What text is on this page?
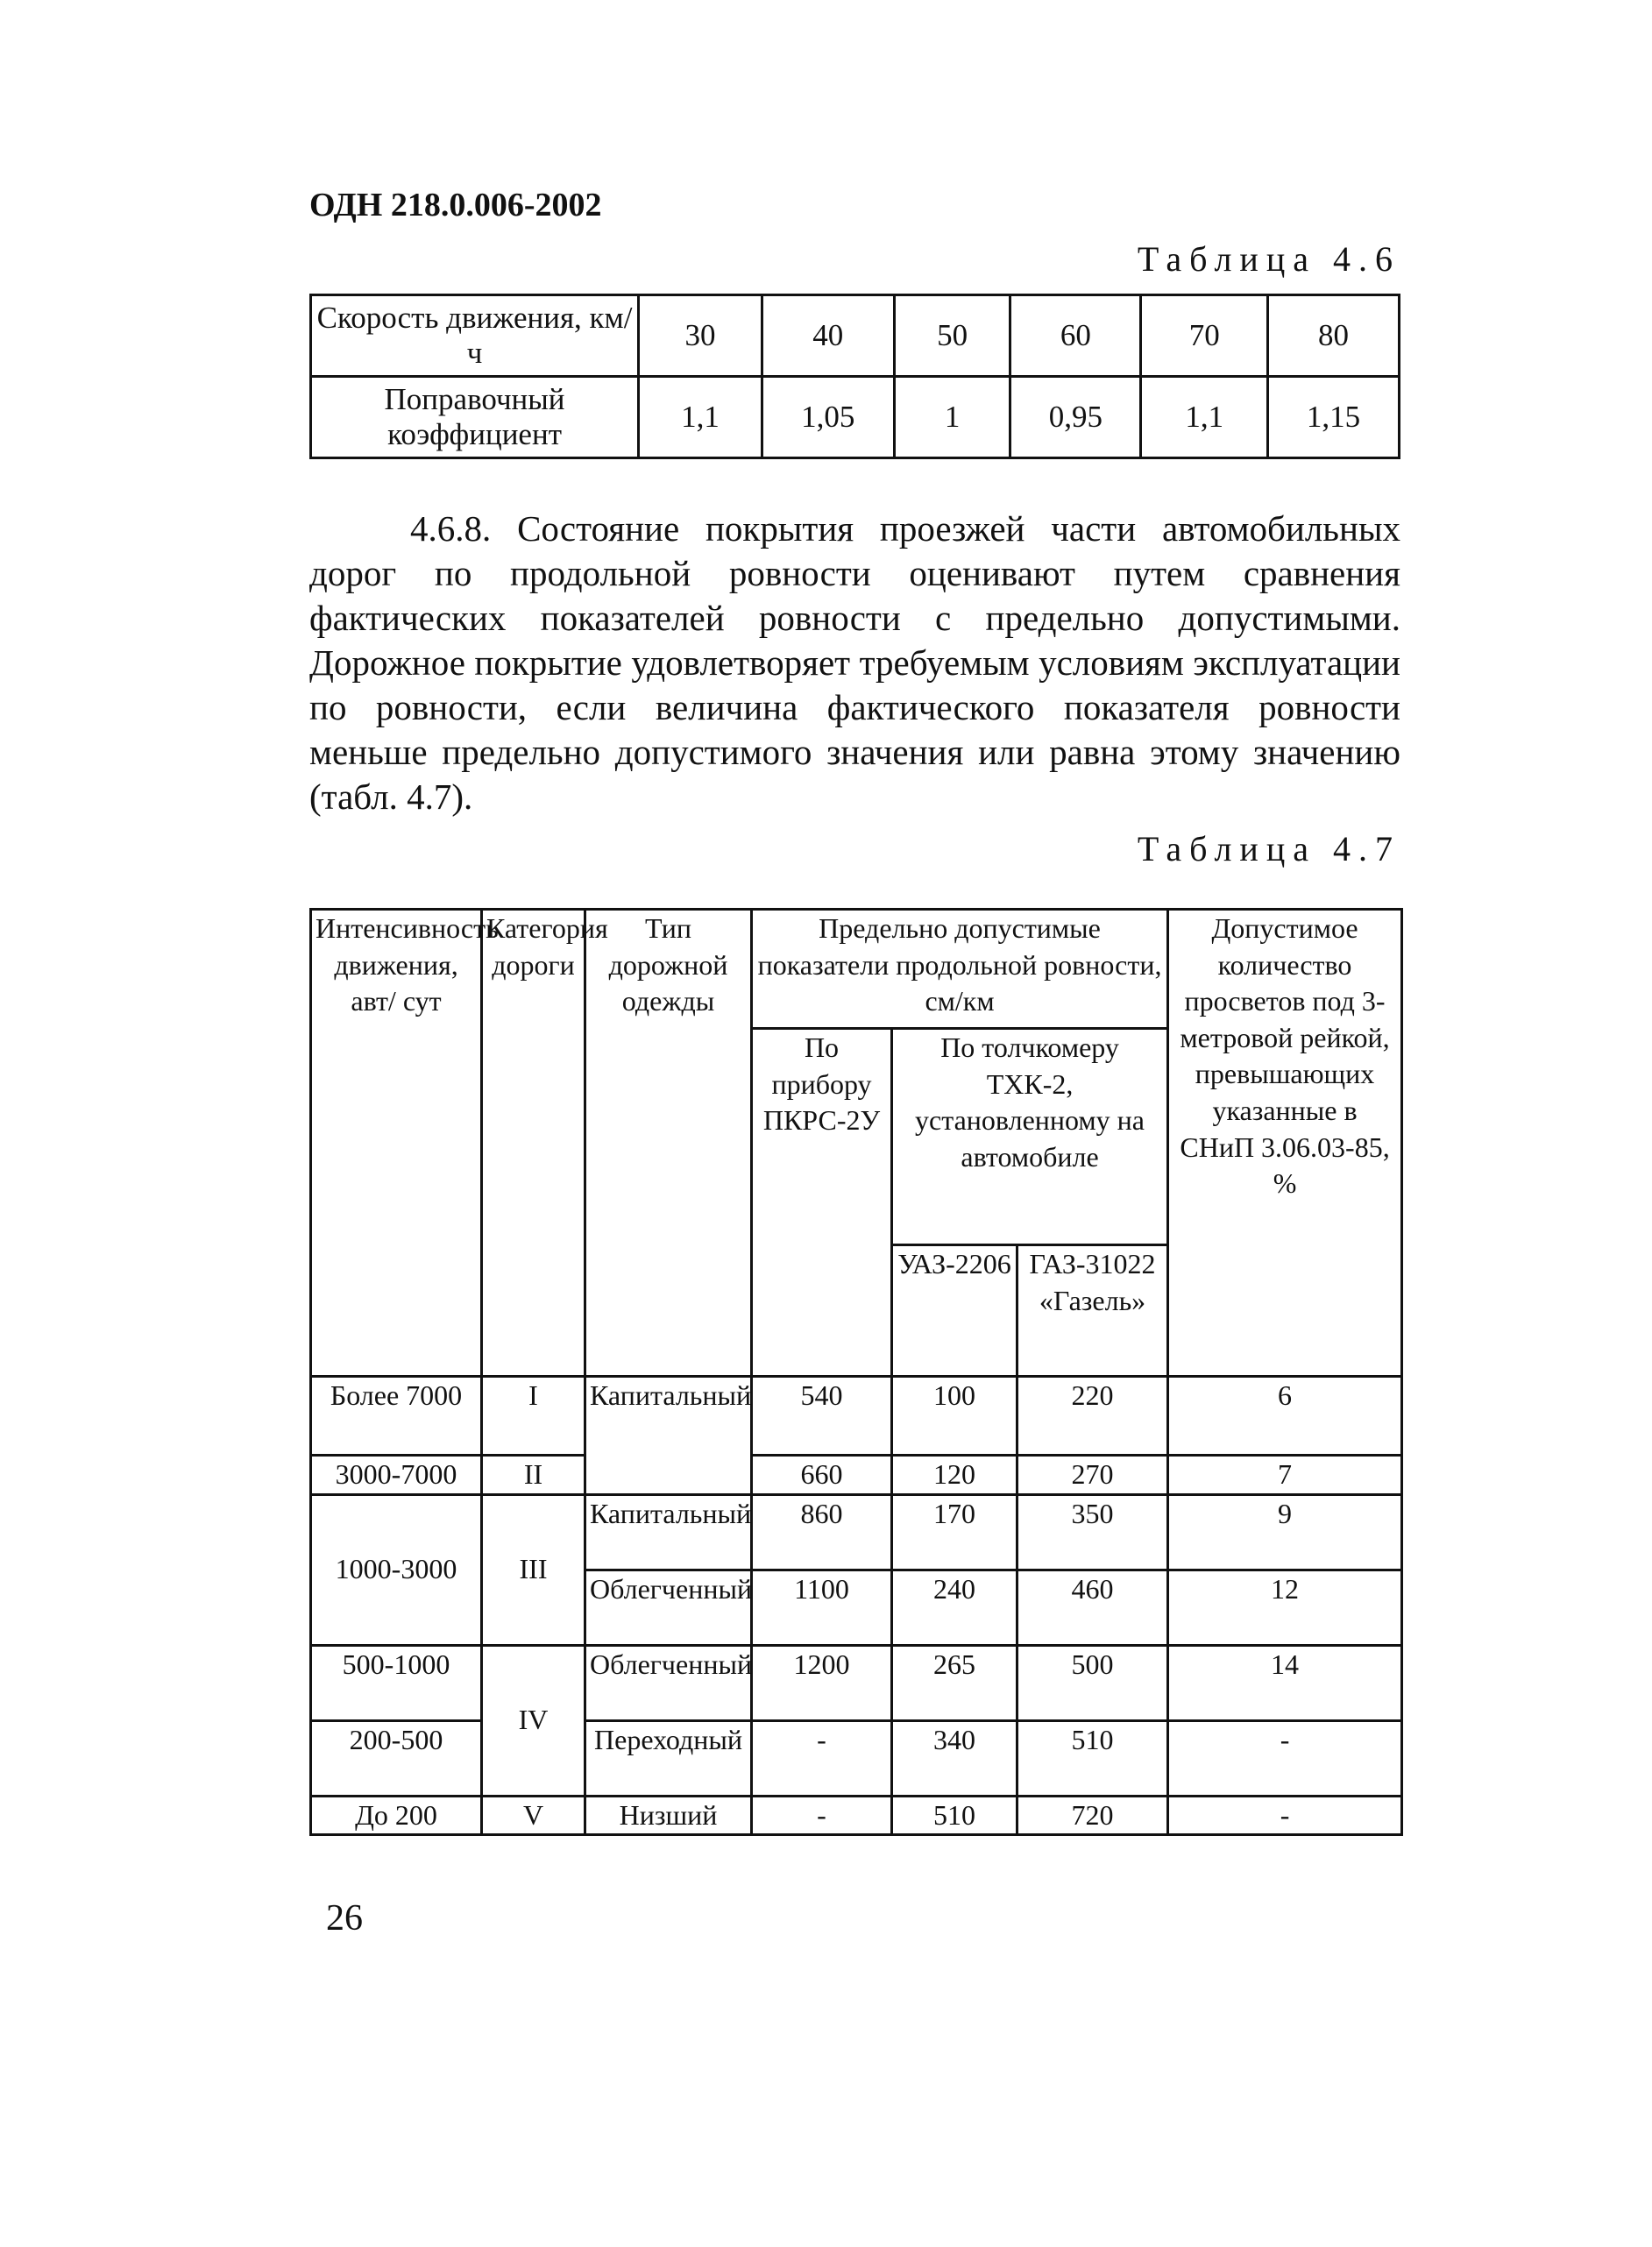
ОДН 218.0.006-2002
Таблица 4.6
Скорость движения, км/ч	30	40	50	60	70	80
Поправочный коэффициент	1,1	1,05	1	0,95	1,1	1,15

4.6.8. Состояние покрытия проезжей части автомобильных дорог по продольной ровности оценивают путем сравнения фактических показателей ровности с предельно допустимыми. Дорожное покрытие удовлетворяет требуемым условиям эксплуатации по ровности, если величина фактического показателя ровности меньше предельно допустимого значения или равна этому значению (табл. 4.7).

Таблица 4.7
Интенсивность движения, авт/ сут	Категория дороги	Тип дорожной одежды	Предельно допустимые показатели продольной ровности, см/км			Допустимое количество просветов под 3-метровой рейкой, превышающих указанные в СНиП 3.06.03-85, %
			По прибору ПКРС-2У	По толчкомеру ТХК-2, установленному на автомобиле		
				УАЗ-2206	ГАЗ-31022 «Газель»	
Более 7000	I	Капитальный	540	100	220	6
3000-7000	II		660	120	270	7
1000-3000	III	Капитальный	860	170	350	9
		Облегченный	1100	240	460	12
500-1000	IV	Облегченный	1200	265	500	14
200-500		Переходный	-	340	510	-
До 200	V	Низший	-	510	720	-
26
